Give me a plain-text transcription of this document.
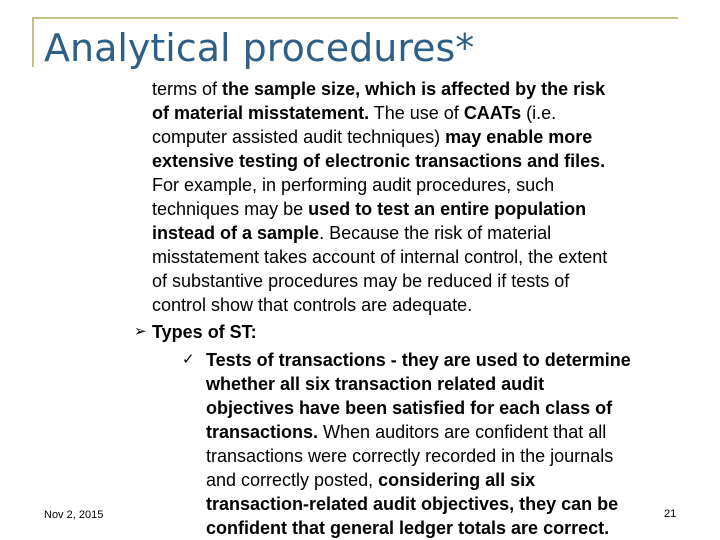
Analytical procedures*

terms of the sample size, which is affected by the risk

of material misstatement. The use of CAATs (i.e.

computer assisted audit techniques) may enable more

extensive testing of electronic transactions and files.

For example, in performing audit procedures, such

techniques may be used to test an entire population

instead of a sample. Because the risk of material

misstatement takes account of internal control, the extent

of substantive procedures may be reduced if tests of

control show that controls are adequate.

➢ Types of ST:
✓ Tests of transactions - they are used to determine

whether all six transaction related audit

objectives have been satisfied for each class of

transactions. When auditors are confident that all

transactions were correctly recorded in the journals

and correctly posted, considering all six

transaction-related audit objectives, they can be

confident that general ledger totals are correct.

Nov 2, 2015	21
